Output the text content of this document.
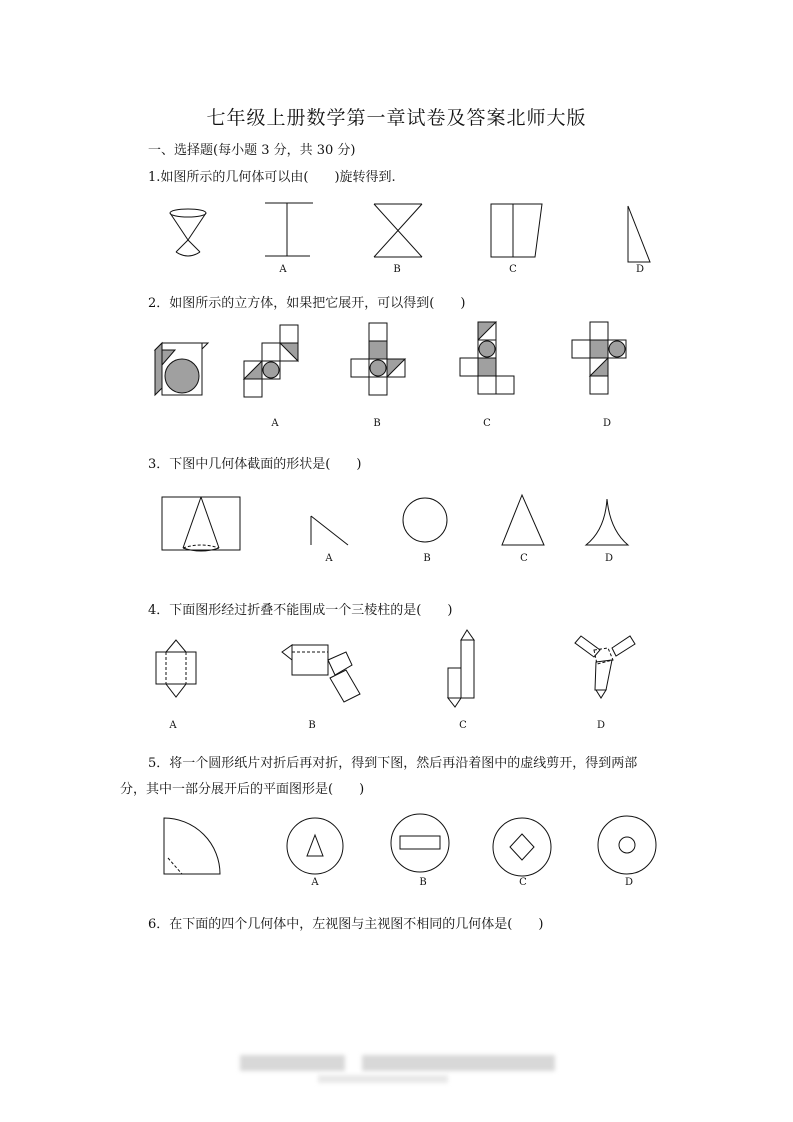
七年级上册数学第一章试卷及答案北师大版
一、选择题(每小题 3 分，共 30 分)
1.如图所示的几何体可以由(　　)旋转得到.
A	B	C	D
2．如图所示的立方体，如果把它展开，可以得到(　　)
A	B	C	D
3．下图中几何体截面的形状是(　　)
A	B	C	D
4．下面图形经过折叠不能围成一个三棱柱的是(　　)
A	B	C	D
5．将一个圆形纸片对折后再对折，得到下图，然后再沿着图中的虚线剪开，得到两部
分，其中一部分展开后的平面图形是(　　)
A	B	C	D
6．在下面的四个几何体中，左视图与主视图不相同的几何体是(　　)
